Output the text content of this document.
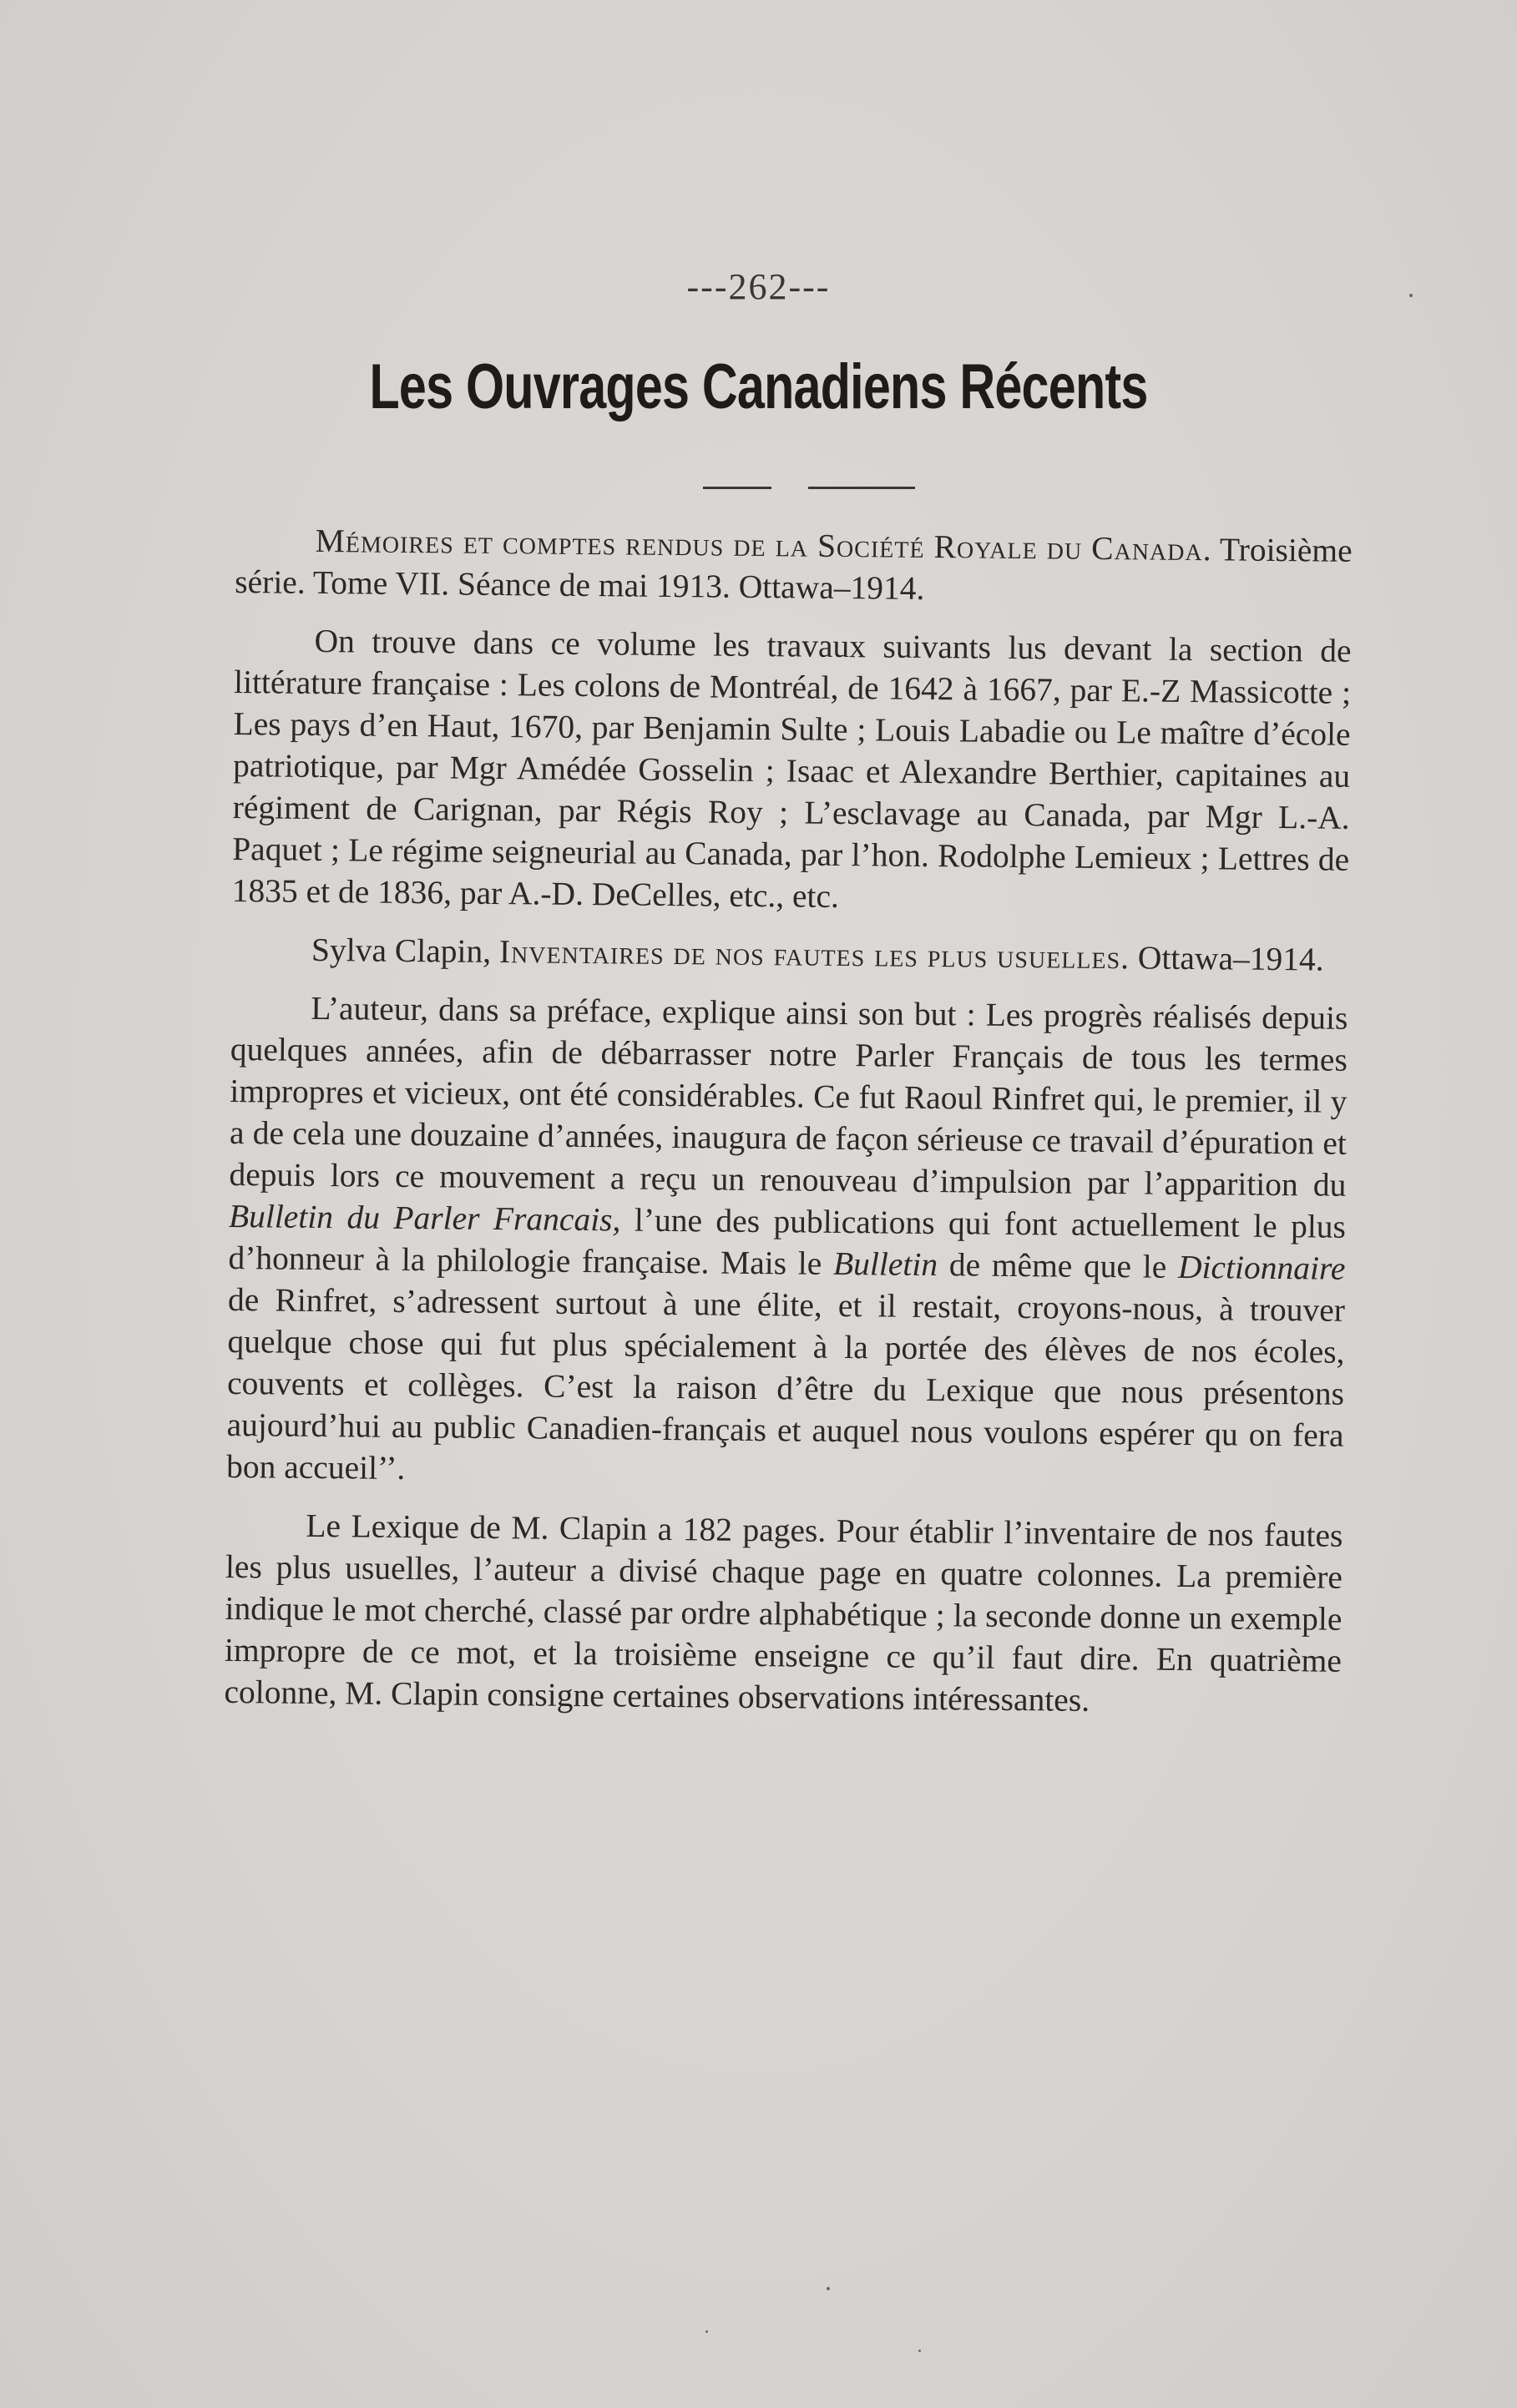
---262---
Les Ouvrages Canadiens Récents

Mémoires et comptes rendus de la Société Royale du Canada. Troisième série. Tome VII. Séance de mai 1913. Ottawa–1914.

On trouve dans ce volume les travaux suivants lus devant la section de littérature française : Les colons de Montréal, de 1642 à 1667, par E.-Z Massicotte ; Les pays d’en Haut, 1670, par Benjamin Sulte ; Louis Labadie ou Le maître d’école patriotique, par Mgr Amédée Gosselin ; Isaac et Alexandre Berthier, capitaines au régiment de Carignan, par Régis Roy ; L’esclavage au Canada, par Mgr L.-A. Paquet ; Le régime seigneurial au Canada, par l’hon. Rodolphe Lemieux ; Lettres de 1835 et de 1836, par A.-D. DeCelles, etc., etc.

Sylva Clapin, Inventaires de nos fautes les plus usuelles. Ottawa–1914.

L’auteur, dans sa préface, explique ainsi son but : Les progrès réalisés depuis quelques années, afin de débarrasser notre Parler Français de tous les termes impropres et vicieux, ont été considérables. Ce fut Raoul Rinfret qui, le premier, il y a de cela une douzaine d’années, inaugura de façon sérieuse ce travail d’épuration et depuis lors ce mouvement a reçu un renouveau d’impulsion par l’apparition du Bulletin du Parler Francais, l’une des publications qui font actuellement le plus d’honneur à la philologie française. Mais le Bulletin de même que le Dictionnaire de Rinfret, s’adressent surtout à une élite, et il restait, croyons-nous, à trouver quelque chose qui fut plus spécialement à la portée des élèves de nos écoles, couvents et collèges. C’est la raison d’être du Lexique que nous présentons aujourd’hui au public Canadien-français et auquel nous voulons espérer qu on fera bon accueil’’.

Le Lexique de M. Clapin a 182 pages. Pour établir l’inventaire de nos fautes les plus usuelles, l’auteur a divisé chaque page en quatre colonnes. La première indique le mot cherché, classé par ordre alphabétique ; la seconde donne un exemple impropre de ce mot, et la troisième enseigne ce qu’il faut dire. En quatrième colonne, M. Clapin consigne certaines observations intéressantes.
